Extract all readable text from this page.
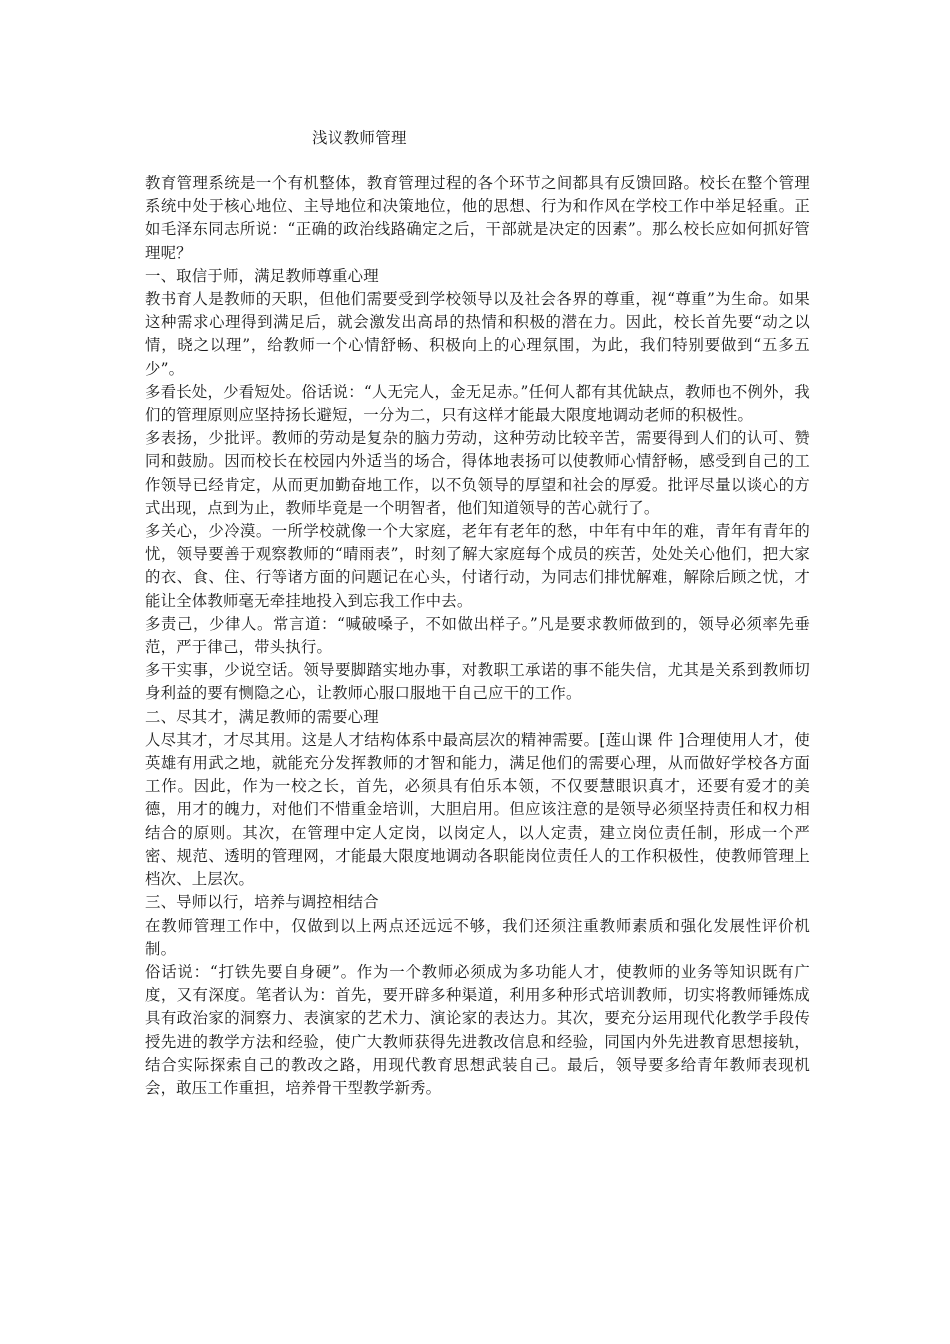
浅议教师管理

教育管理系统是一个有机整体，教育管理过程的各个环节之间都具有反馈回路。校长在整个管理系统中处于核心地位、主导地位和决策地位，他的思想、行为和作风在学校工作中举足轻重。正如毛泽东同志所说：“正确的政治线路确定之后，干部就是决定的因素”。那么校长应如何抓好管理呢？

一、取信于师，满足教师尊重心理

教书育人是教师的天职，但他们需要受到学校领导以及社会各界的尊重，视“尊重”为生命。如果这种需求心理得到满足后，就会激发出高昂的热情和积极的潜在力。因此，校长首先要“动之以情，晓之以理”，给教师一个心情舒畅、积极向上的心理氛围，为此，我们特别要做到“五多五少”。

多看长处，少看短处。俗话说：“人无完人，金无足赤。”任何人都有其优缺点，教师也不例外，我们的管理原则应坚持扬长避短，一分为二，只有这样才能最大限度地调动老师的积极性。

多表扬，少批评。教师的劳动是复杂的脑力劳动，这种劳动比较辛苦，需要得到人们的认可、赞同和鼓励。因而校长在校园内外适当的场合，得体地表扬可以使教师心情舒畅，感受到自己的工作领导已经肯定，从而更加勤奋地工作，以不负领导的厚望和社会的厚爱。批评尽量以谈心的方式出现，点到为止，教师毕竟是一个明智者，他们知道领导的苦心就行了。

多关心，少冷漠。一所学校就像一个大家庭，老年有老年的愁，中年有中年的难，青年有青年的忧，领导要善于观察教师的“晴雨表”，时刻了解大家庭每个成员的疾苦，处处关心他们，把大家的衣、食、住、行等诸方面的问题记在心头，付诸行动，为同志们排忧解难，解除后顾之忧，才能让全体教师毫无牵挂地投入到忘我工作中去。

多责己，少律人。常言道：“喊破嗓子，不如做出样子。”凡是要求教师做到的，领导必须率先垂范，严于律己，带头执行。

多干实事，少说空话。领导要脚踏实地办事，对教职工承诺的事不能失信，尤其是关系到教师切身利益的要有恻隐之心，让教师心服口服地干自己应干的工作。

二、尽其才，满足教师的需要心理

人尽其才，才尽其用。这是人才结构体系中最高层次的精神需要。[莲山课 件 ]合理使用人才，使英雄有用武之地，就能充分发挥教师的才智和能力，满足他们的需要心理，从而做好学校各方面工作。因此，作为一校之长，首先，必须具有伯乐本领，不仅要慧眼识真才，还要有爱才的美德，用才的魄力，对他们不惜重金培训，大胆启用。但应该注意的是领导必须坚持责任和权力相结合的原则。其次，在管理中定人定岗，以岗定人，以人定责，建立岗位责任制，形成一个严密、规范、透明的管理网，才能最大限度地调动各职能岗位责任人的工作积极性，使教师管理上档次、上层次。

三、导师以行，培养与调控相结合

在教师管理工作中，仅做到以上两点还远远不够，我们还须注重教师素质和强化发展性评价机制。

俗话说：“打铁先要自身硬”。作为一个教师必须成为多功能人才，使教师的业务等知识既有广度，又有深度。笔者认为：首先，要开辟多种渠道，利用多种形式培训教师，切实将教师锤炼成具有政治家的洞察力、表演家的艺术力、演论家的表达力。其次，要充分运用现代化教学手段传授先进的教学方法和经验，使广大教师获得先进教改信息和经验，同国内外先进教育思想接轨，结合实际探索自己的教改之路，用现代教育思想武装自己。最后，领导要多给青年教师表现机会，敢压工作重担，培养骨干型教学新秀。
